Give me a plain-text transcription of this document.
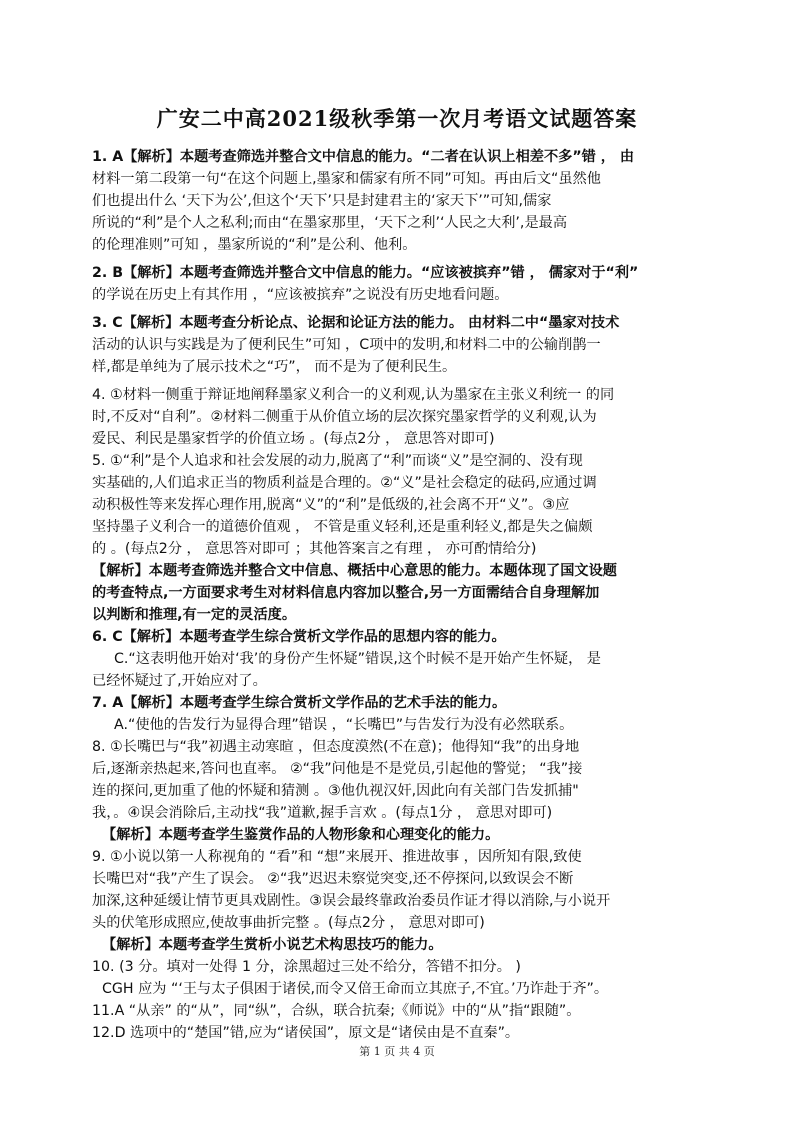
广安二中高2021级秋季第一次月考语文试题答案

1. A【解析】本题考查筛选并整合文中信息的能力。“二者在认识上相差不多”错 ， 由

材料一第二段第一句“在这个问题上,墨家和儒家有所不同”可知。再由后文“虽然他

们也提出什么 ‘天下为公’,但这个‘天下’只是封建君主的‘家天下’”可知,儒家

所说的“利”是个人之私利;而由“在墨家那里，‘天下之利’‘人民之大利’,是最高

的伦理准则”可知 ，墨家所说的“利”是公利、他利。

2. B【解析】本题考查筛选并整合文中信息的能力。“应该被摈弃”错 ， 儒家对于“利”

的学说在历史上有其作用 ，“应该被摈弃”之说没有历史地看问题。

3. C【解析】本题考查分析论点、论据和论证方法的能力。 由材料二中“墨家对技术

活动的认识与实践是为了便利民生”可知 ，C项中的发明,和材料二中的公输削鹊一

样,都是单纯为了展示技术之“巧”， 而不是为了便利民生。

4. ①材料一侧重于辩证地阐释墨家义利合一的义利观,认为墨家在主张义利统一 的同

时,不反对“自利”。②材料二侧重于从价值立场的层次探究墨家哲学的义利观,认为

爱民、利民是墨家哲学的价值立场 。(每点2分 ， 意思答对即可)

5. ①“利”是个人追求和社会发展的动力,脱离了“利”而谈“义”是空洞的、没有现

实基础的,人们追求正当的物质利益是合理的。②“义”是社会稳定的砝码,应通过调

动积极性等来发挥心理作用,脱离“义”的“利”是低级的,社会离不开“义”。③应

坚持墨子义利合一的道德价值观 ， 不管是重义轻利,还是重利轻义,都是失之偏颇

的 。(每点2分 ， 意思答对即可 ；其他答案言之有理 ， 亦可酌情给分)

【解析】本题考查筛选并整合文中信息、概括中心意思的能力。本题体现了国文设题

的考查特点,一方面要求考生对材料信息内容加以整合,另一方面需结合自身理解加

以判断和推理,有一定的灵活度。

6. C【解析】本题考查学生综合赏析文学作品的思想内容的能力。

C.“这表明他开始对‘我’的身份产生怀疑”错误,这个时候不是开始产生怀疑， 是

已经怀疑过了,开始应对了。

7. A【解析】本题考查学生综合赏析文学作品的艺术手法的能力。

A.“使他的告发行为显得合理”错误 ，“长嘴巴”与告发行为没有必然联系。

8. ①长嘴巴与“我”初遇主动寒暄 ，但态度漠然(不在意)；他得知“我”的出身地

后,逐渐亲热起来,答问也直率。 ②“我”问他是不是党员,引起他的警觉； “我”接

连的探问,更加重了他的怀疑和猜测 。③他仇视汉奸,因此向有关部门告发抓捕"

我，。④误会消除后,主动找“我”道歉,握手言欢 。(每点1分 ， 意思对即可)

【解析】本题考查学生鉴赏作品的人物形象和心理变化的能力。

9. ①小说以第一人称视角的 “看”和 “想”来展开、推进故事 ，因所知有限,致使

长嘴巴对“我”产生了误会。 ②“我”迟迟未察觉突变,还不停探问,以致误会不断

加深,这种延缓让情节更具戏剧性。③误会最终靠政治委员作证才得以消除,与小说开

头的伏笔形成照应,使故事曲折完整 。(每点2分 ， 意思对即可)

【解析】本题考查学生赏析小说艺术构思技巧的能力。

10. (3 分。填对一处得 1 分，涂黑超过三处不给分，答错不扣分。 )

CGH 应为 “‘王与太子俱困于诸侯,而令又倍王命而立其庶子,不宜。’乃诈赴于齐”。

11.A “从亲” 的“从”，同“纵”，合纵，联合抗秦;《师说》中的“从”指“跟随”。

12.D 选项中的“楚国”错,应为“诸侯国”，原文是“诸侯由是不直秦”。

第 1 页 共 4 页
